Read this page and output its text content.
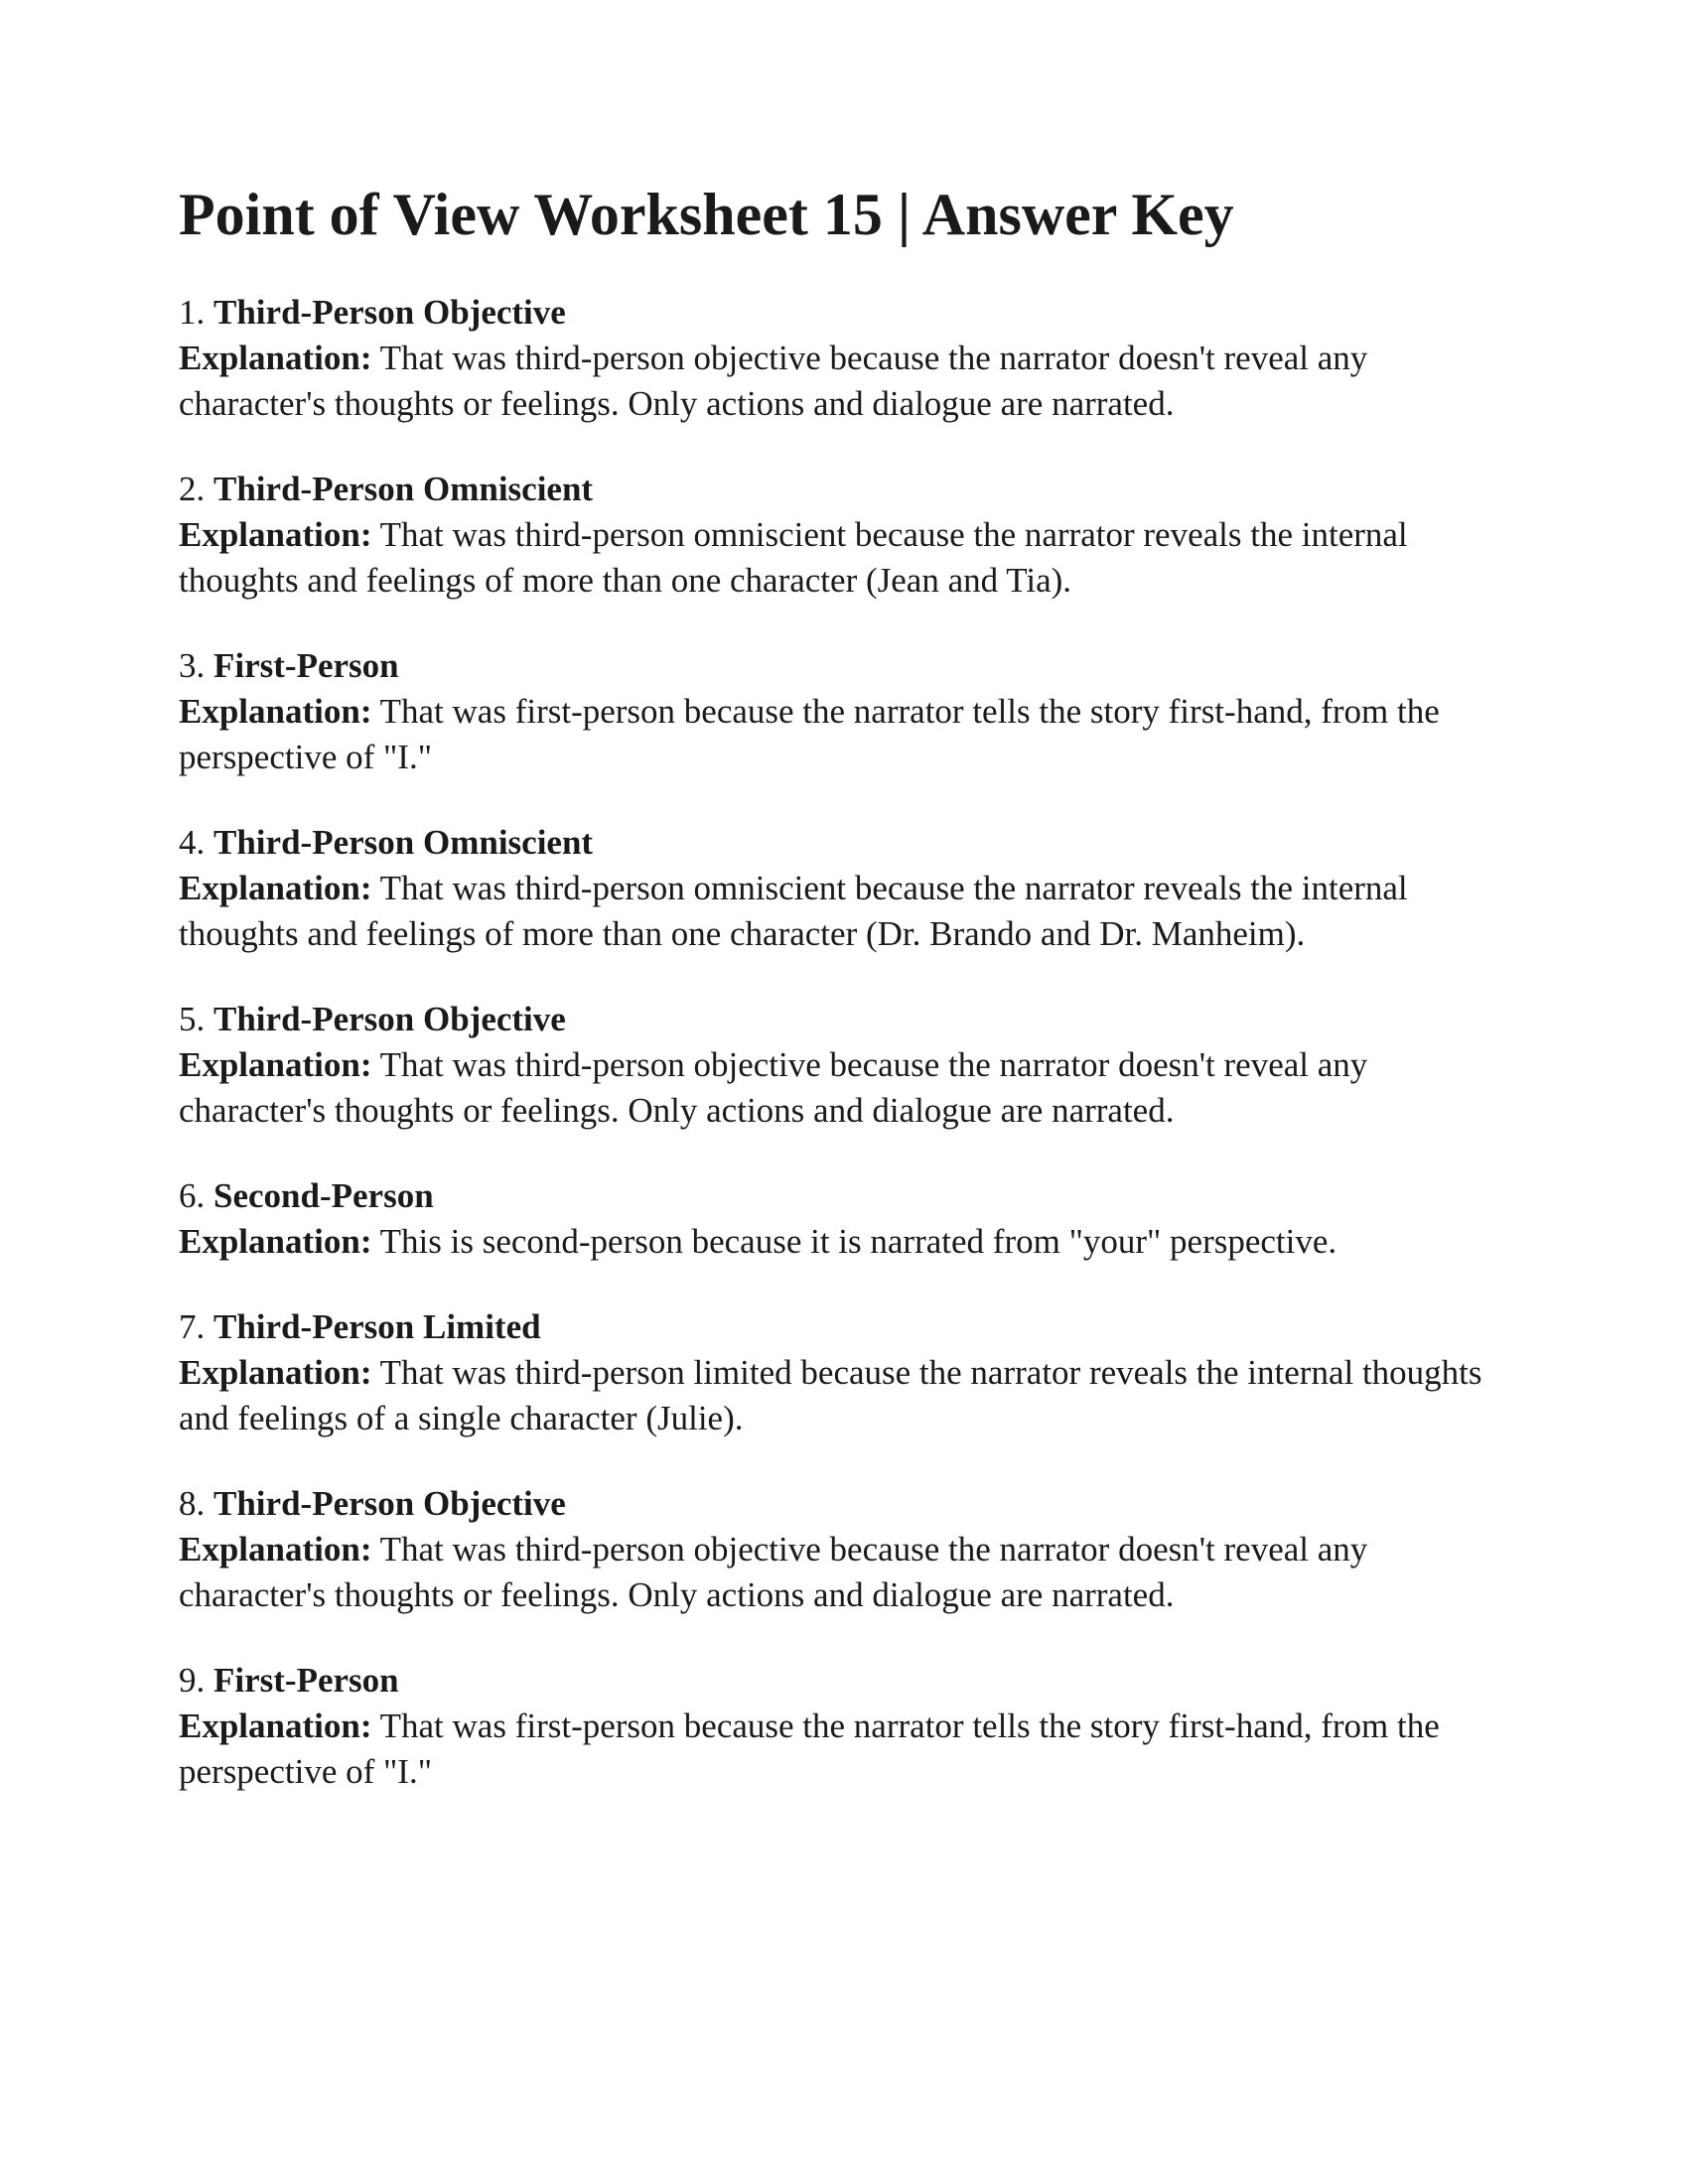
Point of View Worksheet 15 | Answer Key
1. Third-Person Objective
Explanation: That was third-person objective because the narrator doesn't reveal any character's thoughts or feelings. Only actions and dialogue are narrated.
2. Third-Person Omniscient
Explanation: That was third-person omniscient because the narrator reveals the internal thoughts and feelings of more than one character (Jean and Tia).
3. First-Person
Explanation: That was first-person because the narrator tells the story first-hand, from the perspective of "I."
4. Third-Person Omniscient
Explanation: That was third-person omniscient because the narrator reveals the internal thoughts and feelings of more than one character (Dr. Brando and Dr. Manheim).
5. Third-Person Objective
Explanation: That was third-person objective because the narrator doesn't reveal any character's thoughts or feelings. Only actions and dialogue are narrated.
6. Second-Person
Explanation: This is second-person because it is narrated from "your" perspective.
7. Third-Person Limited
Explanation: That was third-person limited because the narrator reveals the internal thoughts and feelings of a single character (Julie).
8. Third-Person Objective
Explanation: That was third-person objective because the narrator doesn't reveal any character's thoughts or feelings. Only actions and dialogue are narrated.
9. First-Person
Explanation: That was first-person because the narrator tells the story first-hand, from the perspective of "I."
